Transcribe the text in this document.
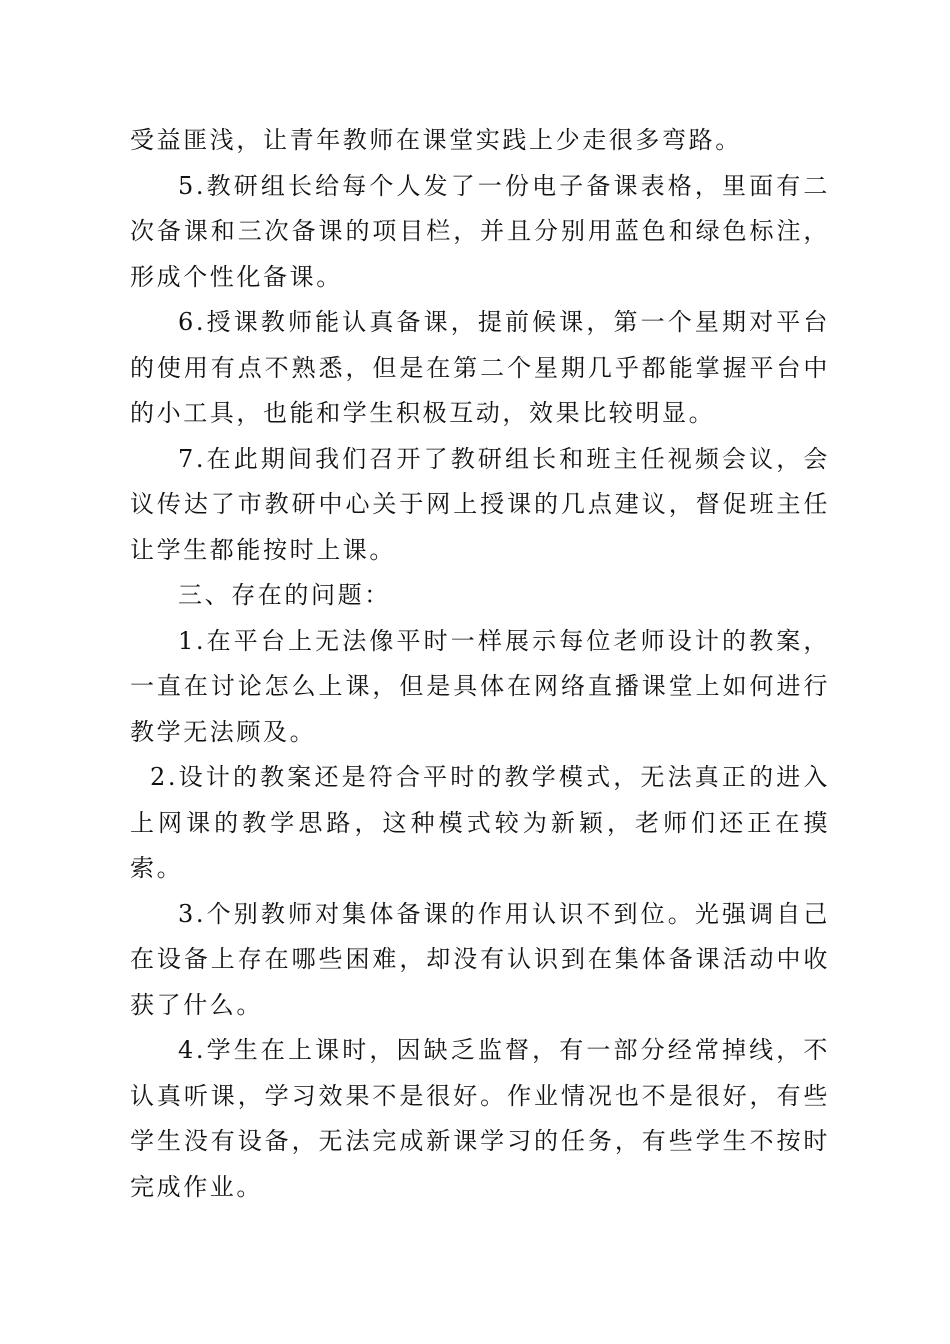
受益匪浅，让青年教师在课堂实践上少走很多弯路。

5.教研组长给每个人发了一份电子备课表格，里面有二次备课和三次备课的项目栏，并且分别用蓝色和绿色标注，形成个性化备课。

6.授课教师能认真备课，提前候课，第一个星期对平台的使用有点不熟悉，但是在第二个星期几乎都能掌握平台中的小工具，也能和学生积极互动，效果比较明显。

7.在此期间我们召开了教研组长和班主任视频会议，会议传达了市教研中心关于网上授课的几点建议，督促班主任让学生都能按时上课。

三、存在的问题：

1.在平台上无法像平时一样展示每位老师设计的教案，一直在讨论怎么上课，但是具体在网络直播课堂上如何进行教学无法顾及。

2.设计的教案还是符合平时的教学模式，无法真正的进入上网课的教学思路，这种模式较为新颖，老师们还正在摸索。

3.个别教师对集体备课的作用认识不到位。光强调自己在设备上存在哪些困难，却没有认识到在集体备课活动中收获了什么。

4.学生在上课时，因缺乏监督，有一部分经常掉线，不认真听课，学习效果不是很好。作业情况也不是很好，有些学生没有设备，无法完成新课学习的任务，有些学生不按时完成作业。
